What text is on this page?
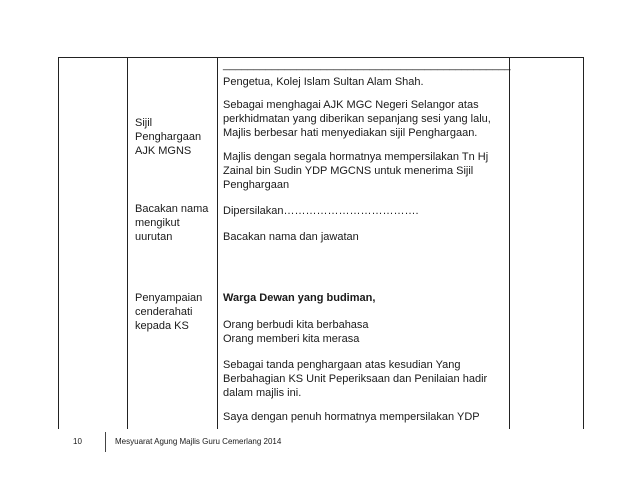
_______________________________________________

Pengetua, Kolej Islam Sultan Alam Shah.

Sijil

Penghargaan

AJK MGNS

Sebagai menghagai AJK MGC Negeri Selangor atas

perkhidmatan yang diberikan sepanjang sesi yang lalu,

Majlis berbesar hati menyediakan sijil Penghargaan.

Majlis dengan segala hormatnya mempersilakan Tn Hj

Zainal bin Sudin YDP MGCNS untuk menerima Sijil

Penghargaan

Bacakan nama

mengikut

uurutan

Dipersilakan……………………………….

Bacakan nama dan jawatan

Penyampaian

cenderahati

kepada KS

Warga Dewan yang budiman,

Orang berbudi kita berbahasa

Orang memberi kita merasa

Sebagai tanda penghargaan atas kesudian Yang

Berbahagian KS Unit Peperiksaan dan Penilaian hadir

dalam majlis ini.

Saya dengan penuh hormatnya mempersilakan YDP

10	Mesyuarat Agung Majlis Guru Cemerlang 2014
